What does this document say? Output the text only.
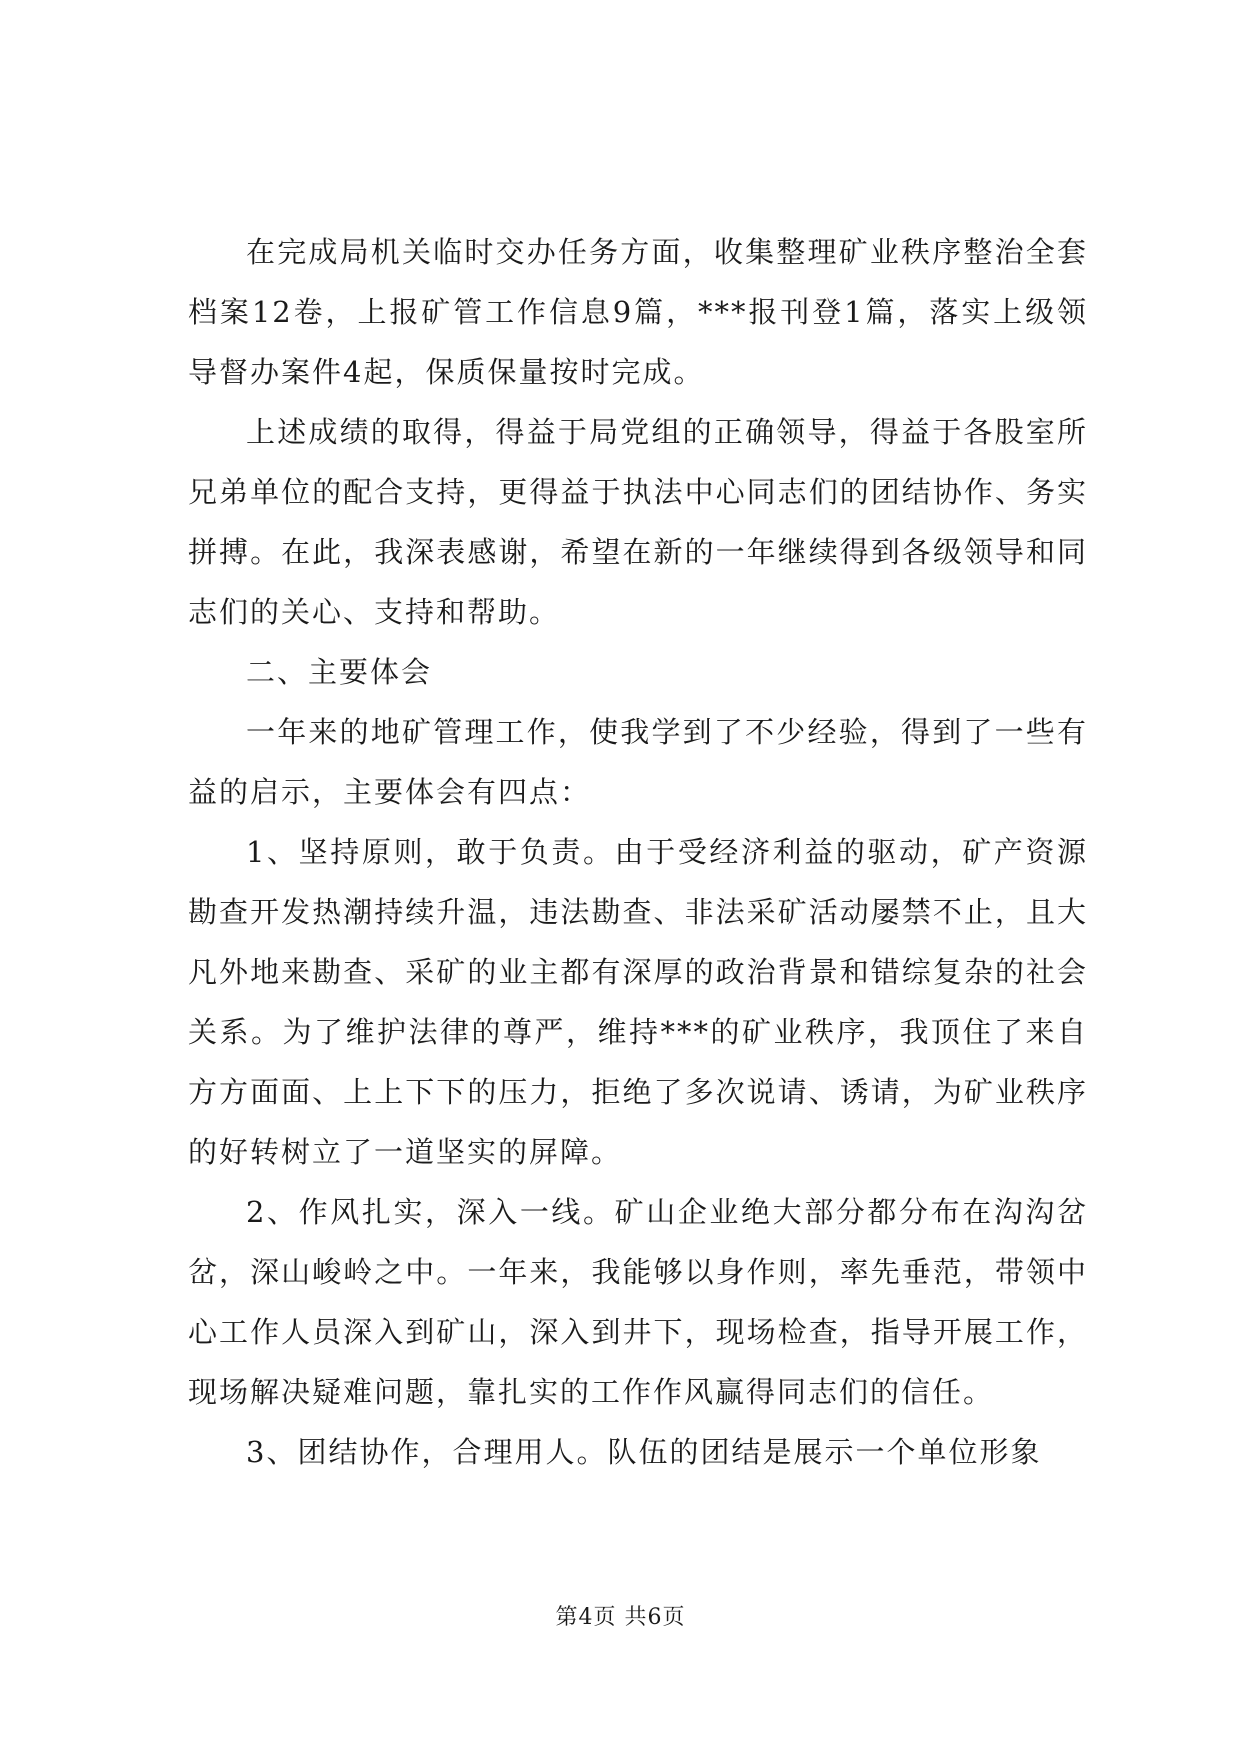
在完成局机关临时交办任务方面，收集整理矿业秩序整治全套档案12卷，上报矿管工作信息9篇，***报刊登1篇，落实上级领导督办案件4起，保质保量按时完成。

上述成绩的取得，得益于局党组的正确领导，得益于各股室所兄弟单位的配合支持，更得益于执法中心同志们的团结协作、务实拼搏。在此，我深表感谢，希望在新的一年继续得到各级领导和同志们的关心、支持和帮助。

二、主要体会

一年来的地矿管理工作，使我学到了不少经验，得到了一些有益的启示，主要体会有四点：

1、坚持原则，敢于负责。由于受经济利益的驱动，矿产资源勘查开发热潮持续升温，违法勘查、非法采矿活动屡禁不止，且大凡外地来勘查、采矿的业主都有深厚的政治背景和错综复杂的社会关系。为了维护法律的尊严，维持***的矿业秩序，我顶住了来自方方面面、上上下下的压力，拒绝了多次说请、诱请，为矿业秩序的好转树立了一道坚实的屏障。

2、作风扎实，深入一线。矿山企业绝大部分都分布在沟沟岔岔，深山峻岭之中。一年来，我能够以身作则，率先垂范，带领中心工作人员深入到矿山，深入到井下，现场检查，指导开展工作，现场解决疑难问题，靠扎实的工作作风赢得同志们的信任。

3、团结协作，合理用人。队伍的团结是展示一个单位形象

第4页 共6页
